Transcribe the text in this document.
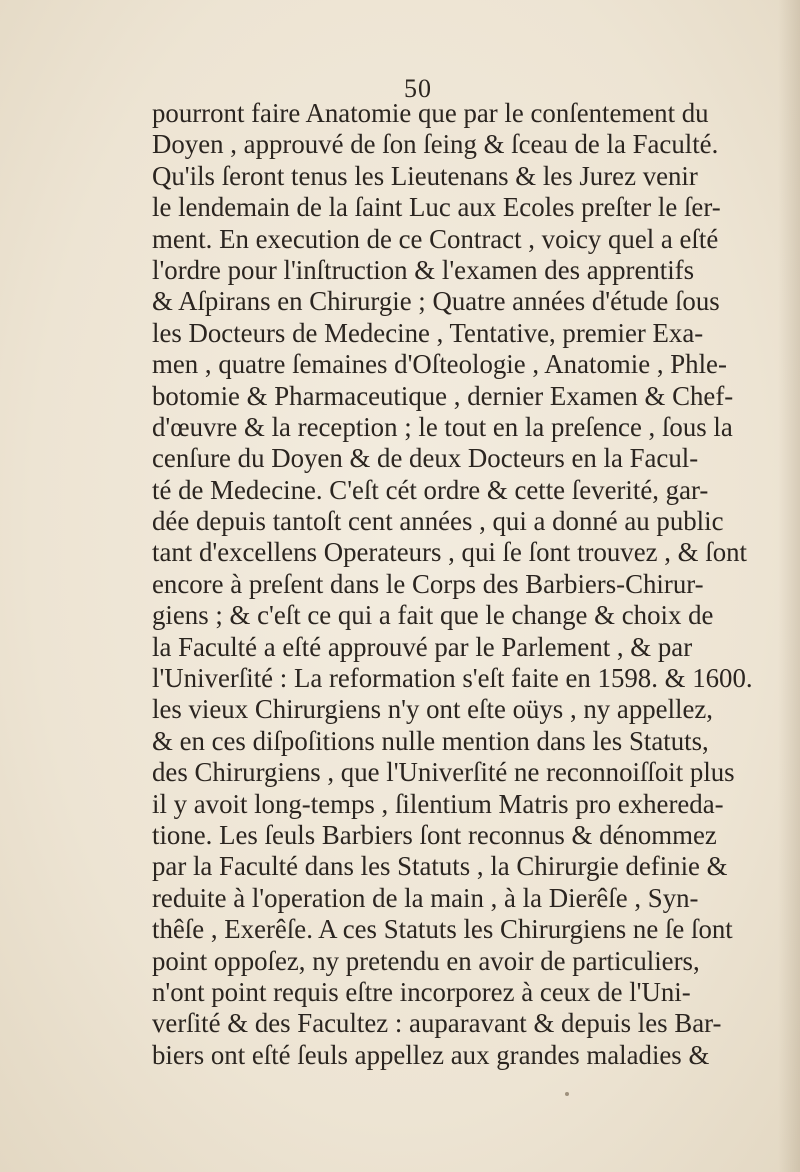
50
pourront faire Anatomie que par le conſentement du
Doyen , approuvé de ſon ſeing & ſceau de la Faculté.
Qu'ils ſeront tenus les Lieutenans & les Jurez venir
le lendemain de la ſaint Luc aux Ecoles preſter le ſer-
ment. En execution de ce Contract , voicy quel a eſté
l'ordre pour l'inſtruction & l'examen des apprentifs
& Aſpirans en Chirurgie ; Quatre années d'étude ſous
les Docteurs de Medecine , Tentative, premier Exa-
men , quatre ſemaines d'Oſteologie , Anatomie , Phle-
botomie & Pharmaceutique , dernier Examen & Chef-
d'œuvre & la reception ; le tout en la preſence , ſous la
cenſure du Doyen & de deux Docteurs en la Facul-
té de Medecine. C'eſt cét ordre & cette ſeverité, gar-
dée depuis tantoſt cent années , qui a donné au public
tant d'excellens Operateurs , qui ſe ſont trouvez , & ſont
encore à preſent dans le Corps des Barbiers-Chirur-
giens ; & c'eſt ce qui a fait que le change & choix de
la Faculté a eſté approuvé par le Parlement , & par
l'Univerſité : La reformation s'eſt faite en 1598. & 1600.
les vieux Chirurgiens n'y ont eſte oüys , ny appellez,
& en ces diſpoſitions nulle mention dans les Statuts,
des Chirurgiens , que l'Univerſité ne reconnoiſſoit plus
il y avoit long-temps , ſilentium Matris pro exhereda-
tione. Les ſeuls Barbiers ſont reconnus & dénommez
par la Faculté dans les Statuts , la Chirurgie definie &
reduite à l'operation de la main , à la Dierêſe , Syn-
thêſe , Exerêſe. A ces Statuts les Chirurgiens ne ſe ſont
point oppoſez, ny pretendu en avoir de particuliers,
n'ont point requis eſtre incorporez à ceux de l'Uni-
verſité & des Facultez : auparavant & depuis les Bar-
biers ont eſté ſeuls appellez aux grandes maladies &
